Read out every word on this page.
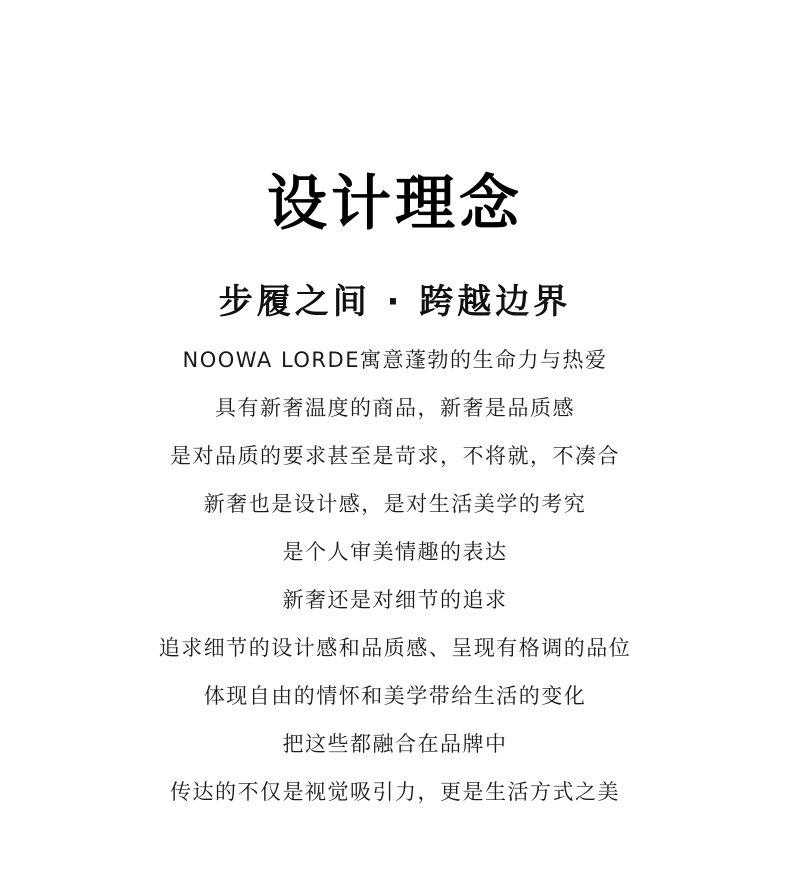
设计理念
步履之间 · 跨越边界
NOOWA LORDE寓意蓬勃的生命力与热爱
具有新奢温度的商品，新奢是品质感
是对品质的要求甚至是苛求，不将就，不凑合
新奢也是设计感，是对生活美学的考究
是个人审美情趣的表达
新奢还是对细节的追求
追求细节的设计感和品质感、呈现有格调的品位
体现自由的情怀和美学带给生活的变化
把这些都融合在品牌中
传达的不仅是视觉吸引力，更是生活方式之美
